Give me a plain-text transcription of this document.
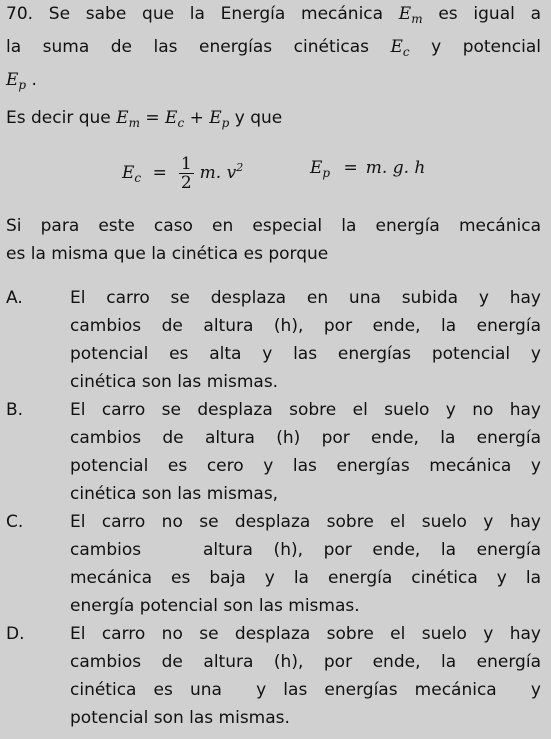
70. Se sabe que la Energía mecánica $E_m$ es igual a
la suma de las energías cinéticas $E_c$ y potencial
$E_p$ .
Es decir que $E_m = E_c + E_p$ y que
$E_c = \frac{1}{2} m$. $v^2$	$E_p = m$. g. h
Si para este caso en especial la energía mecánica
es la misma que la cinética es porque
A.	El carro se desplaza en una subida y hay
cambios de altura (h), por ende, la energía
potencial es alta y las energías potencial y
cinética son las mismas.
B.	El carro se desplaza sobre el suelo y no hay
cambios de altura (h) por ende, la energía
potencial es cero y las energías mecánica y
cinética son las mismas,
C.	El carro no se desplaza sobre el suelo y hay
cambios   altura (h), por ende, la energía
mecánica es baja y la energía cinética y la
energía potencial son las mismas.
D.	El carro no se desplaza sobre el suelo y hay
cambios de altura (h), por ende, la energía
cinética es una  y las energías mecánica  y
potencial son las mismas.
